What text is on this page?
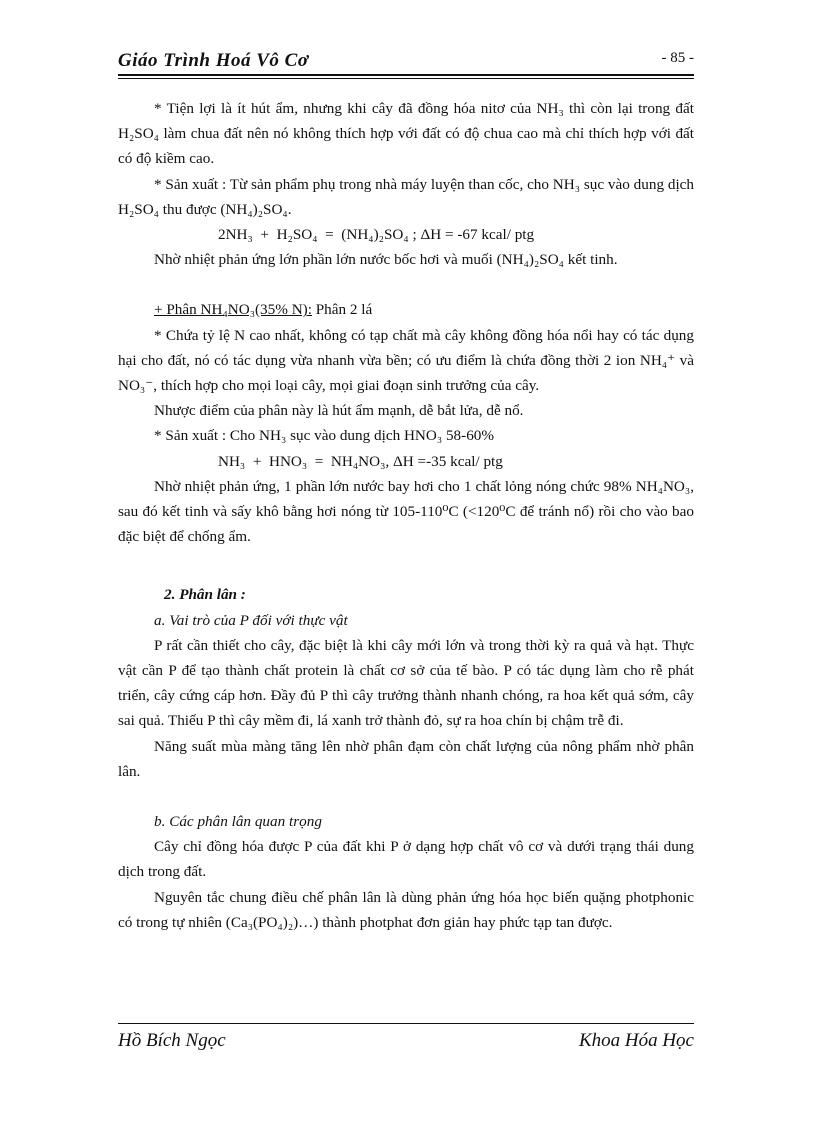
Giáo Trình Hoá Vô Cơ	- 85 -

* Tiện lợi là ít hút ẩm, nhưng khi cây đã đồng hóa nitơ của NH₃ thì còn lại trong đất H₂SO₄ làm chua đất nên nó không thích hợp với đất có độ chua cao mà chỉ thích hợp với đất có độ kiềm cao.

* Sản xuất : Từ sản phẩm phụ trong nhà máy luyện than cốc, cho NH₃ sục vào dung dịch H₂SO₄ thu được (NH₄)₂SO₄.

2NH₃  +  H₂SO₄  =  (NH₄)₂SO₄ ; ΔH = -67 kcal/ ptg

Nhờ nhiệt phản ứng lớn phần lớn nước bốc hơi và muối (NH₄)₂SO₄ kết tinh.

+ Phân NH₄NO₃(35% N): Phân 2 lá

* Chứa tỷ lệ N cao nhất, không có tạp chất mà cây không đồng hóa nổi hay có tác dụng hại cho đất, nó có tác dụng vừa nhanh vừa bền; có ưu điểm là chứa đồng thời 2 ion NH₄⁺ và NO₃⁻, thích hợp cho mọi loại cây, mọi giai đoạn sinh trưởng của cây.

Nhược điểm của phân này là hút ẩm mạnh, dễ bắt lửa, dễ nổ.

* Sản xuất : Cho NH₃ sục vào dung dịch HNO₃ 58-60%

NH₃  +  HNO₃  =  NH₄NO₃, ΔH =-35 kcal/ ptg

Nhờ nhiệt phản ứng, 1 phần lớn nước bay hơi cho 1 chất lỏng nóng chức 98% NH₄NO₃, sau đó kết tinh và sấy khô bằng hơi nóng từ 105-110⁰C (<120⁰C để tránh nổ) rồi cho vào bao đặc biệt để chống ẩm.

2. Phân lân :

a. Vai trò của P đối với thực vật

P rất cần thiết cho cây, đặc biệt là khi cây mới lớn và trong thời kỳ ra quả và hạt. Thực vật cần P để tạo thành chất protein là chất cơ sở của tế bào. P có tác dụng làm cho rễ phát triển, cây cứng cáp hơn. Đầy đủ P thì cây trưởng thành nhanh chóng, ra hoa kết quả sớm, cây sai quả. Thiếu P thì cây mềm đi, lá xanh trở thành đỏ, sự ra hoa chín bị chậm trễ đi.

Năng suất mùa màng tăng lên nhờ phân đạm còn chất lượng của nông phẩm nhờ phân lân.

b. Các phân lân quan trọng

Cây chỉ đồng hóa được P của đất khi P ở dạng hợp chất vô cơ và dưới trạng thái dung dịch trong đất.

Nguyên tắc chung điều chế phân lân là dùng phản ứng hóa học biến quặng photphonic có trong tự nhiên (Ca₃(PO₄)₂)…) thành photphat đơn giản hay phức tạp tan được.

Hồ Bích Ngọc	Khoa Hóa Học
